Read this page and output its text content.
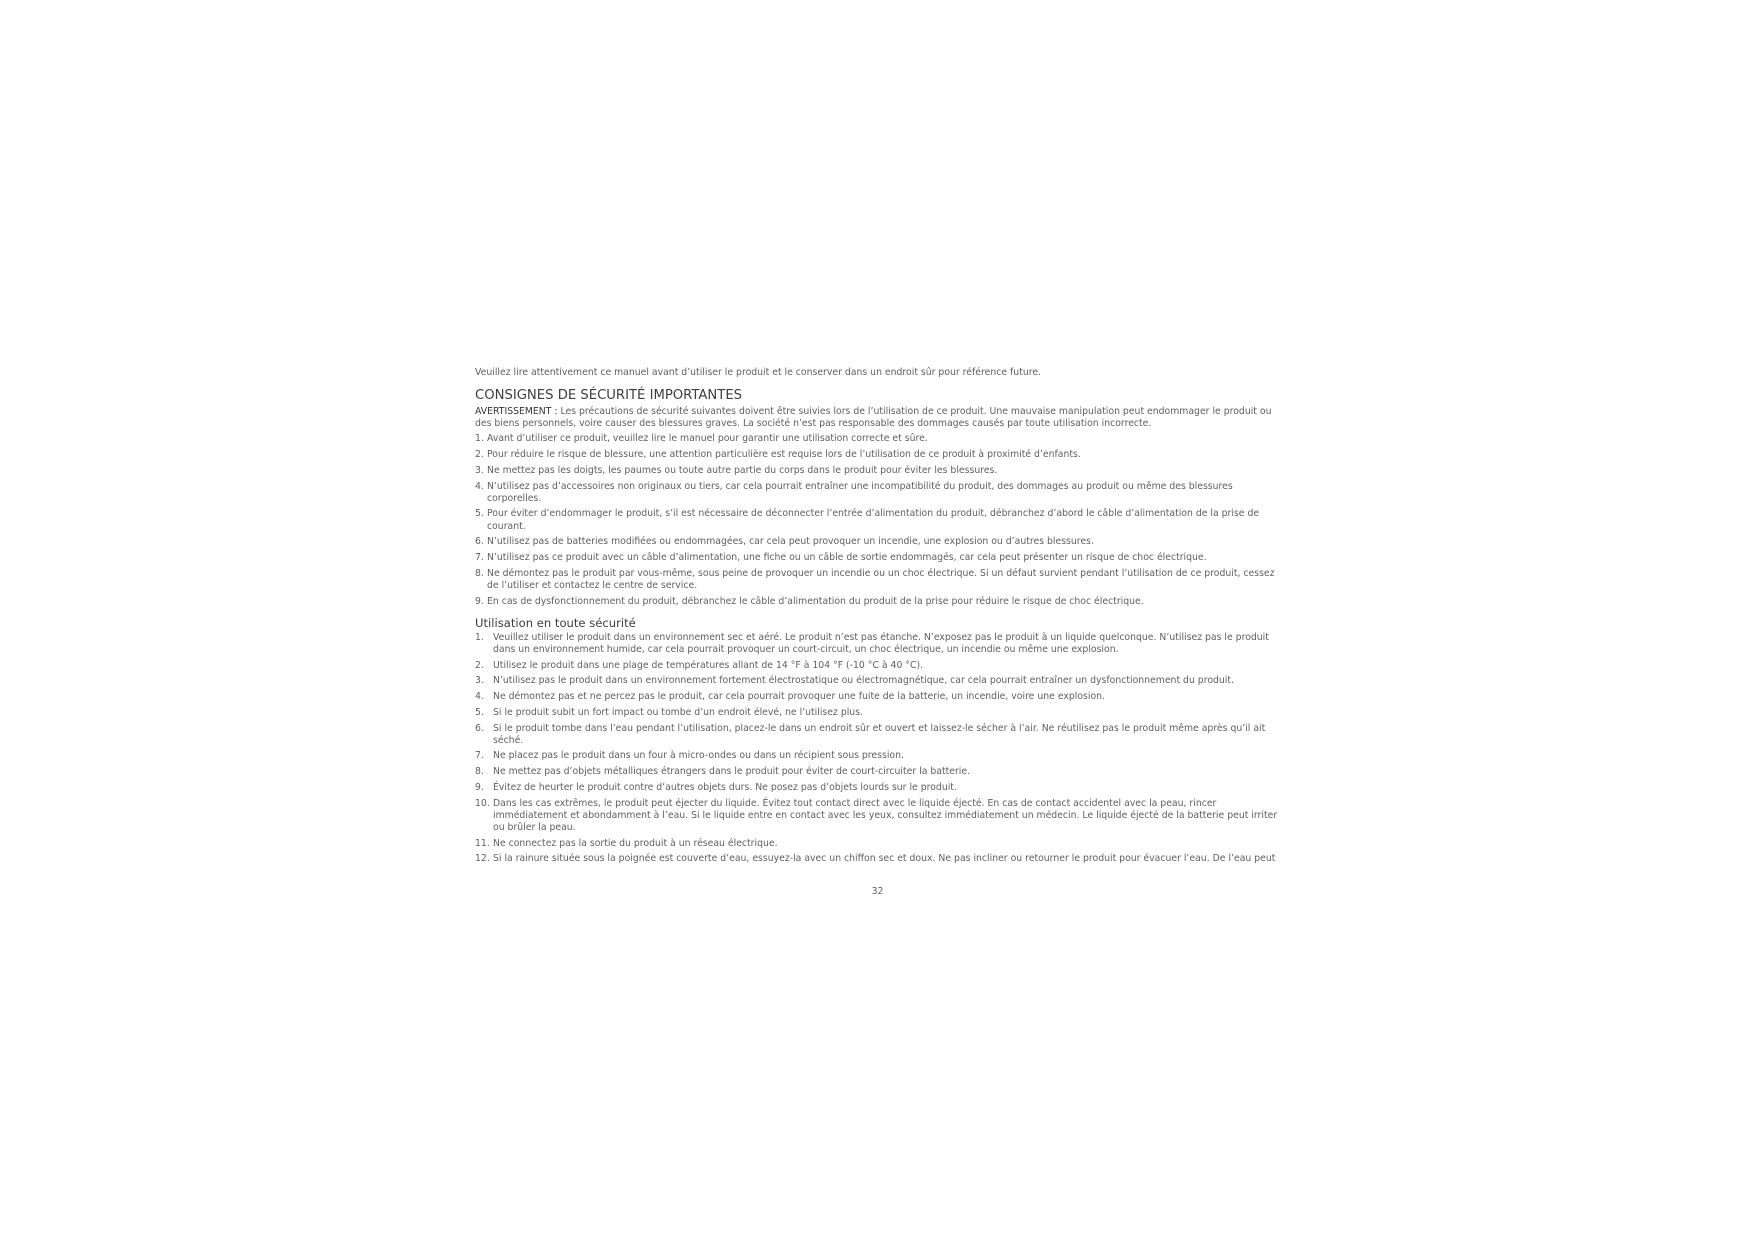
Veuillez lire attentivement ce manuel avant d’utiliser le produit et le conserver dans un endroit sûr pour référence future.

CONSIGNES DE SÉCURITÉ IMPORTANTES

AVERTISSEMENT : Les précautions de sécurité suivantes doivent être suivies lors de l’utilisation de ce produit. Une mauvaise manipulation peut endommager le produit ou des biens personnels, voire causer des blessures graves. La société n’est pas responsable des dommages causés par toute utilisation incorrecte.

1. Avant d’utiliser ce produit, veuillez lire le manuel pour garantir une utilisation correcte et sûre.
2. Pour réduire le risque de blessure, une attention particulière est requise lors de l’utilisation de ce produit à proximité d’enfants.
3. Ne mettez pas les doigts, les paumes ou toute autre partie du corps dans le produit pour éviter les blessures.
4. N’utilisez pas d’accessoires non originaux ou tiers, car cela pourrait entraîner une incompatibilité du produit, des dommages au produit ou même des blessures corporelles.
5. Pour éviter d’endommager le produit, s’il est nécessaire de déconnecter l’entrée d’alimentation du produit, débranchez d’abord le câble d’alimentation de la prise de courant.
6. N’utilisez pas de batteries modifiées ou endommagées, car cela peut provoquer un incendie, une explosion ou d’autres blessures.
7. N’utilisez pas ce produit avec un câble d’alimentation, une fiche ou un câble de sortie endommagés, car cela peut présenter un risque de choc électrique.
8. Ne démontez pas le produit par vous-même, sous peine de provoquer un incendie ou un choc électrique. Si un défaut survient pendant l’utilisation de ce produit, cessez de l’utiliser et contactez le centre de service.
9. En cas de dysfonctionnement du produit, débranchez le câble d’alimentation du produit de la prise pour réduire le risque de choc électrique.
Utilisation en toute sécurité
1. Veuillez utiliser le produit dans un environnement sec et aéré. Le produit n’est pas étanche. N’exposez pas le produit à un liquide quelconque. N’utilisez pas le produit dans un environnement humide, car cela pourrait provoquer un court-circuit, un choc électrique, un incendie ou même une explosion.
2. Utilisez le produit dans une plage de températures allant de 14 °F à 104 °F (-10 °C à 40 °C).
3. N’utilisez pas le produit dans un environnement fortement électrostatique ou électromagnétique, car cela pourrait entraîner un dysfonctionnement du produit.
4. Ne démontez pas et ne percez pas le produit, car cela pourrait provoquer une fuite de la batterie, un incendie, voire une explosion.
5. Si le produit subit un fort impact ou tombe d’un endroit élevé, ne l’utilisez plus.
6. Si le produit tombe dans l’eau pendant l’utilisation, placez-le dans un endroit sûr et ouvert et laissez-le sécher à l’air. Ne réutilisez pas le produit même après qu’il ait séché.
7. Ne placez pas le produit dans un four à micro-ondes ou dans un récipient sous pression.
8. Ne mettez pas d’objets métalliques étrangers dans le produit pour éviter de court-circuiter la batterie.
9. Évitez de heurter le produit contre d’autres objets durs. Ne posez pas d’objets lourds sur le produit.
10. Dans les cas extrêmes, le produit peut éjecter du liquide. Évitez tout contact direct avec le liquide éjecté. En cas de contact accidentel avec la peau, rincer immédiatement et abondamment à l’eau. Si le liquide entre en contact avec les yeux, consultez immédiatement un médecin. Le liquide éjecté de la batterie peut irriter ou brûler la peau.
11. Ne connectez pas la sortie du produit à un réseau électrique.
12. Si la rainure située sous la poignée est couverte d’eau, essuyez-la avec un chiffon sec et doux. Ne pas incliner ou retourner le produit pour évacuer l’eau. De l’eau peut
32
